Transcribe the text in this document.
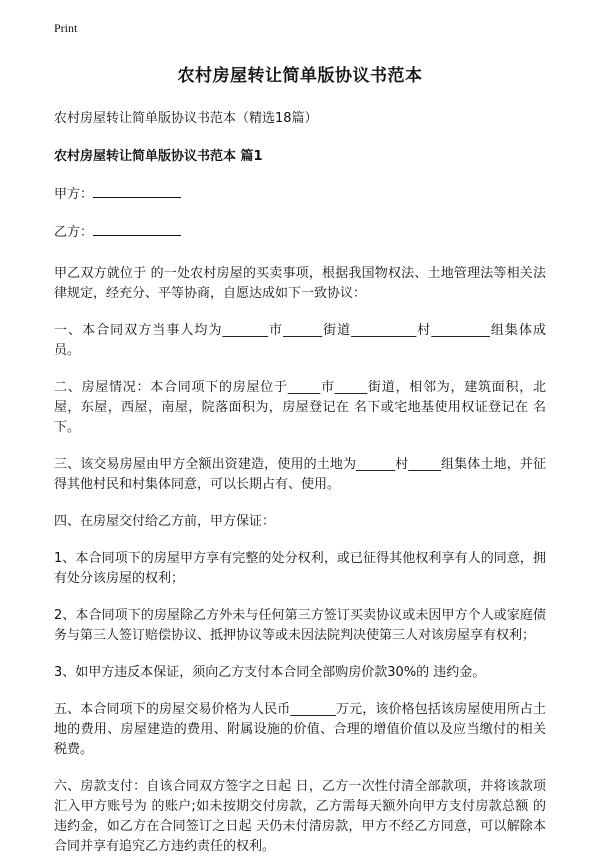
Print
农村房屋转让简单版协议书范本
农村房屋转让简单版协议书范本（精选18篇）
农村房屋转让简单版协议书范本 篇1
甲方：
乙方：

甲乙双方就位于 的一处农村房屋的买卖事项，根据我国物权法、土地管理法等相关法律规定，经充分、平等协商，自愿达成如下一致协议：

一、本合同双方当事人均为_______市______街道__________村_________组集体成员。

二、房屋情况：本合同项下的房屋位于_____市_____街道，相邻为，建筑面积，北屋，东屋，西屋，南屋，院落面积为，房屋登记在 名下或宅地基使用权证登记在 名下。

三、该交易房屋由甲方全额出资建造，使用的土地为______村_____组集体土地，并征得其他村民和村集体同意，可以长期占有、使用。

四、在房屋交付给乙方前，甲方保证：

1、本合同项下的房屋甲方享有完整的处分权利，或已征得其他权利享有人的同意，拥有处分该房屋的权利；

2、本合同项下的房屋除乙方外未与任何第三方签订买卖协议或未因甲方个人或家庭债务与第三人签订赔偿协议、抵押协议等或未因法院判决使第三人对该房屋享有权利；

3、如甲方违反本保证，须向乙方支付本合同全部购房价款30%的 违约金。

五、本合同项下的房屋交易价格为人民币_______万元，该价格包括该房屋使用所占土地的费用、房屋建造的费用、附属设施的价值、合理的增值价值以及应当缴付的相关税费。

六、房款支付：自该合同双方签字之日起 日，乙方一次性付清全部款项，并将该款项汇入甲方账号为 的账户;如未按期交付房款，乙方需每天额外向甲方支付房款总额 的违约金，如乙方在合同签订之日起 天仍未付清房款，甲方不经乙方同意，可以解除本合同并享有追究乙方违约责任的权利。
